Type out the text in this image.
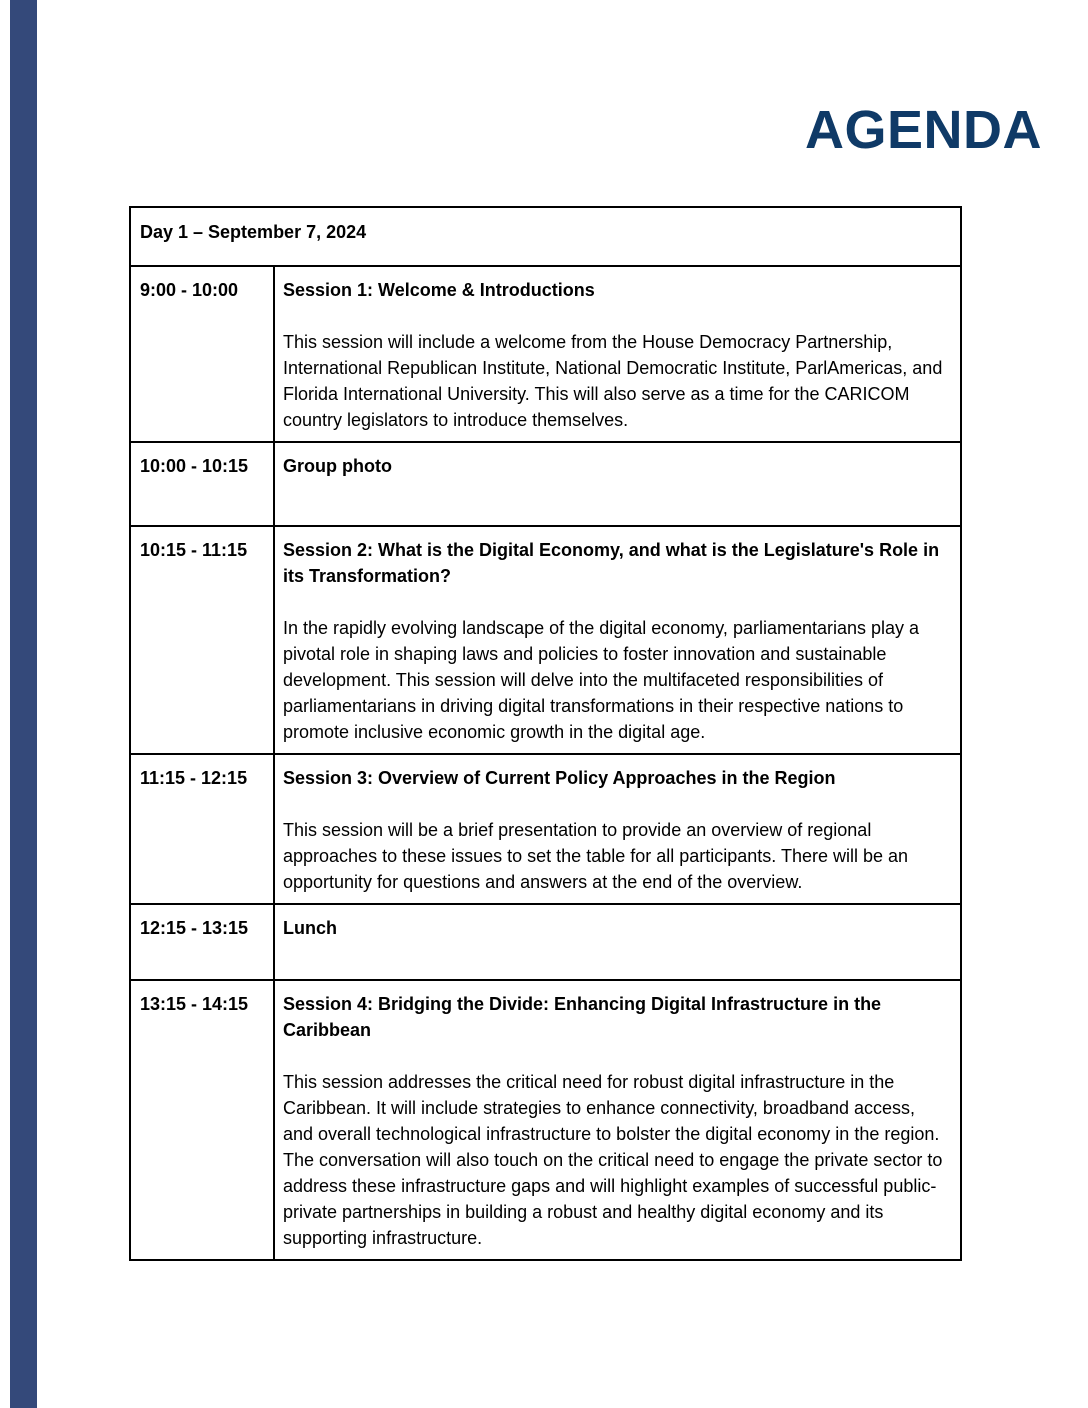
AGENDA
Day 1 – September 7, 2024	

9:00 - 10:00	Session 1: Welcome & Introductions
This session will include a welcome from the House Democracy Partnership, International Republican Institute, National Democratic Institute, ParlAmericas, and Florida International University. This will also serve as a time for the CARICOM country legislators to introduce themselves.

10:00 - 10:15	Group photo

10:15 - 11:15	Session 2: What is the Digital Economy, and what is the Legislature's Role in its Transformation?
In the rapidly evolving landscape of the digital economy, parliamentarians play a pivotal role in shaping laws and policies to foster innovation and sustainable development. This session will delve into the multifaceted responsibilities of parliamentarians in driving digital transformations in their respective nations to promote inclusive economic growth in the digital age.

11:15 - 12:15	Session 3: Overview of Current Policy Approaches in the Region
This session will be a brief presentation to provide an overview of regional approaches to these issues to set the table for all participants. There will be an opportunity for questions and answers at the end of the overview.

12:15 - 13:15	Lunch

13:15 - 14:15	Session 4: Bridging the Divide: Enhancing Digital Infrastructure in the Caribbean
This session addresses the critical need for robust digital infrastructure in the Caribbean. It will include strategies to enhance connectivity, broadband access, and overall technological infrastructure to bolster the digital economy in the region. The conversation will also touch on the critical need to engage the private sector to address these infrastructure gaps and will highlight examples of successful public-private partnerships in building a robust and healthy digital economy and its supporting infrastructure.
